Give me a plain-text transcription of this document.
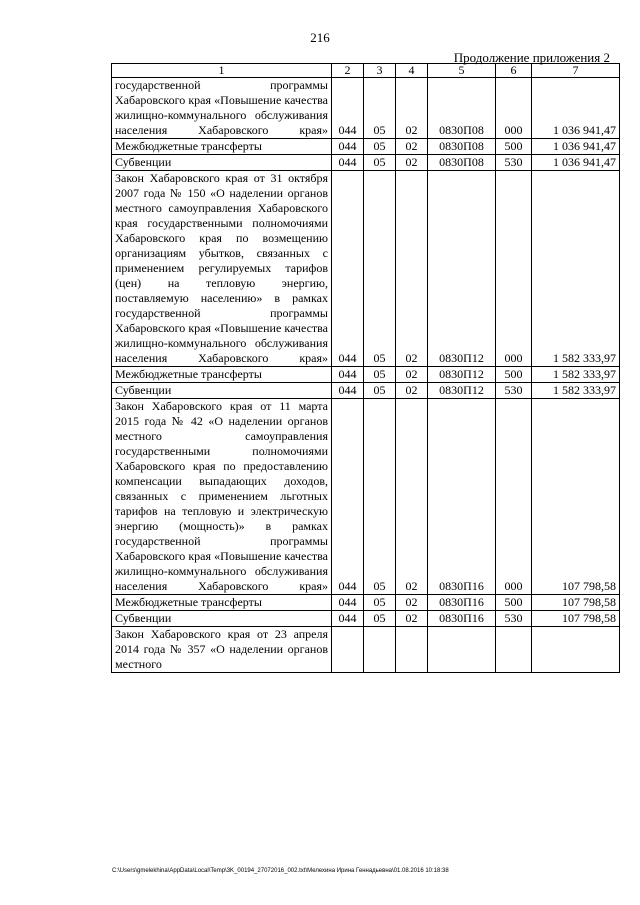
216
Продолжение приложения 2
1	2	3	4	5	6	7
государственной программы Хабаровского края «Повышение качества жилищно-коммунального обслуживания населения Хабаровского края»	044	05	02	0830П08	000	1 036 941,47
Межбюджетные трансферты	044	05	02	0830П08	500	1 036 941,47
Субвенции	044	05	02	0830П08	530	1 036 941,47
Закон Хабаровского края от 31 октября 2007 года № 150 «О наделении органов местного самоуправления Хабаровского края государственными полномочиями Хабаровского края по возмещению организациям убытков, связанных с применением регулируемых тарифов (цен) на тепловую энергию, поставляемую населению» в рамках государственной программы Хабаровского края «Повышение качества жилищно-коммунального обслуживания населения Хабаровского края»	044	05	02	0830П12	000	1 582 333,97
Межбюджетные трансферты	044	05	02	0830П12	500	1 582 333,97
Субвенции	044	05	02	0830П12	530	1 582 333,97
Закон Хабаровского края от 11 марта 2015 года № 42 «О наделении органов местного самоуправления государственными полномочиями Хабаровского края по предоставлению компенсации выпадающих доходов, связанных с применением льготных тарифов на тепловую и электрическую энергию (мощность)» в рамках государственной программы Хабаровского края «Повышение качества жилищно-коммунального обслуживания населения Хабаровского края»	044	05	02	0830П16	000	107 798,58
Межбюджетные трансферты	044	05	02	0830П16	500	107 798,58
Субвенции	044	05	02	0830П16	530	107 798,58
Закон Хабаровского края от 23 апреля 2014 года № 357 «О наделении органов местного						
C:\Users\gmelekhina\AppData\Local\Temp\3K_00194_27072016_002.txt\Мелехина Ирина Геннадьевна\01.08.2016 10:18:38
